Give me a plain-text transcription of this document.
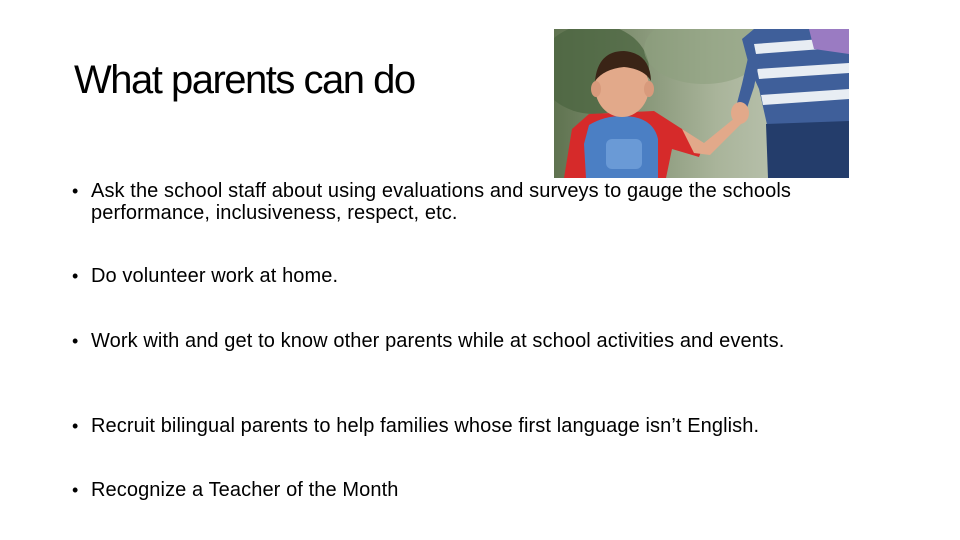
What parents can do
• Ask the school staff about using evaluations and surveys to gauge the schools performance, inclusiveness, respect, etc.
• Do volunteer work at home.
• Work with and get to know other parents while at school activities and events.
• Recruit bilingual parents to help families whose first language isn’t English.
• Recognize a Teacher of the Month
